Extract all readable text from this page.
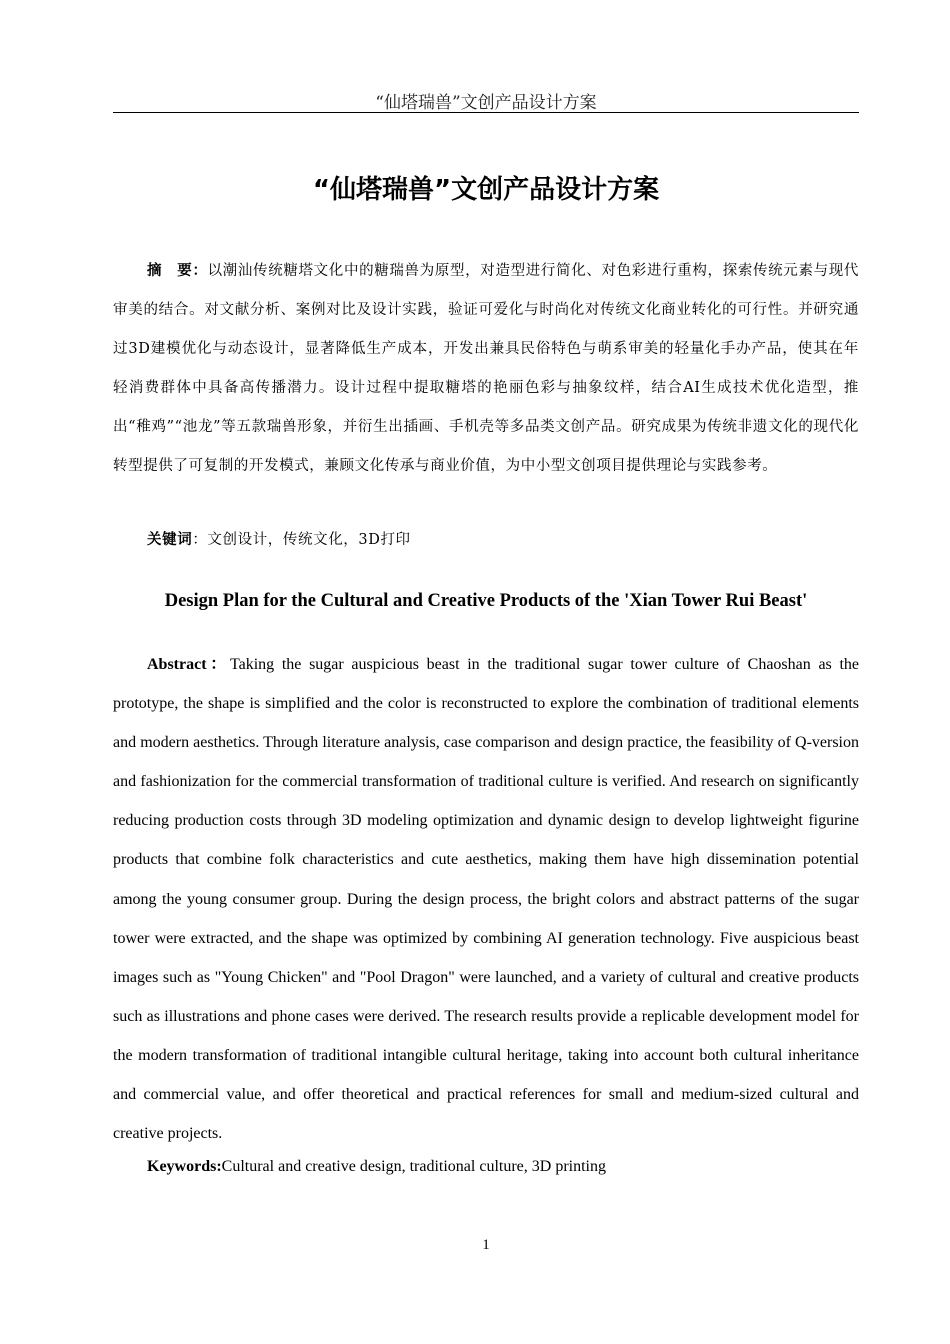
“仙塔瑞兽”文创产品设计方案
“仙塔瑞兽”文创产品设计方案

摘　要：以潮汕传统糖塔文化中的糖瑞兽为原型，对造型进行简化、对色彩进行重构，探索传统元素与现代审美的结合。对文献分析、案例对比及设计实践，验证可爱化与时尚化对传统文化商业转化的可行性。并研究通过3D建模优化与动态设计，显著降低生产成本，开发出兼具民俗特色与萌系审美的轻量化手办产品，使其在年轻消费群体中具备高传播潜力。设计过程中提取糖塔的艳丽色彩与抽象纹样，结合AI生成技术优化造型，推出“稚鸡”“池龙”等五款瑞兽形象，并衍生出插画、手机壳等多品类文创产品。研究成果为传统非遗文化的现代化转型提供了可复制的开发模式，兼顾文化传承与商业价值，为中小型文创项目提供理论与实践参考。

关键词：文创设计，传统文化，3D打印

Design Plan for the Cultural and Creative Products of the 'Xian Tower Rui Beast'

Abstract：Taking the sugar auspicious beast in the traditional sugar tower culture of Chaoshan as the prototype, the shape is simplified and the color is reconstructed to explore the combination of traditional elements and modern aesthetics. Through literature analysis, case comparison and design practice, the feasibility of Q-version and fashionization for the commercial transformation of traditional culture is verified. And research on significantly reducing production costs through 3D modeling optimization and dynamic design to develop lightweight figurine products that combine folk characteristics and cute aesthetics, making them have high dissemination potential among the young consumer group. During the design process, the bright colors and abstract patterns of the sugar tower were extracted, and the shape was optimized by combining AI generation technology. Five auspicious beast images such as "Young Chicken" and "Pool Dragon" were launched, and a variety of cultural and creative products such as illustrations and phone cases were derived. The research results provide a replicable development model for the modern transformation of traditional intangible cultural heritage, taking into account both cultural inheritance and commercial value, and offer theoretical and practical references for small and medium-sized cultural and creative projects.

Keywords:Cultural and creative design, traditional culture, 3D printing

1
